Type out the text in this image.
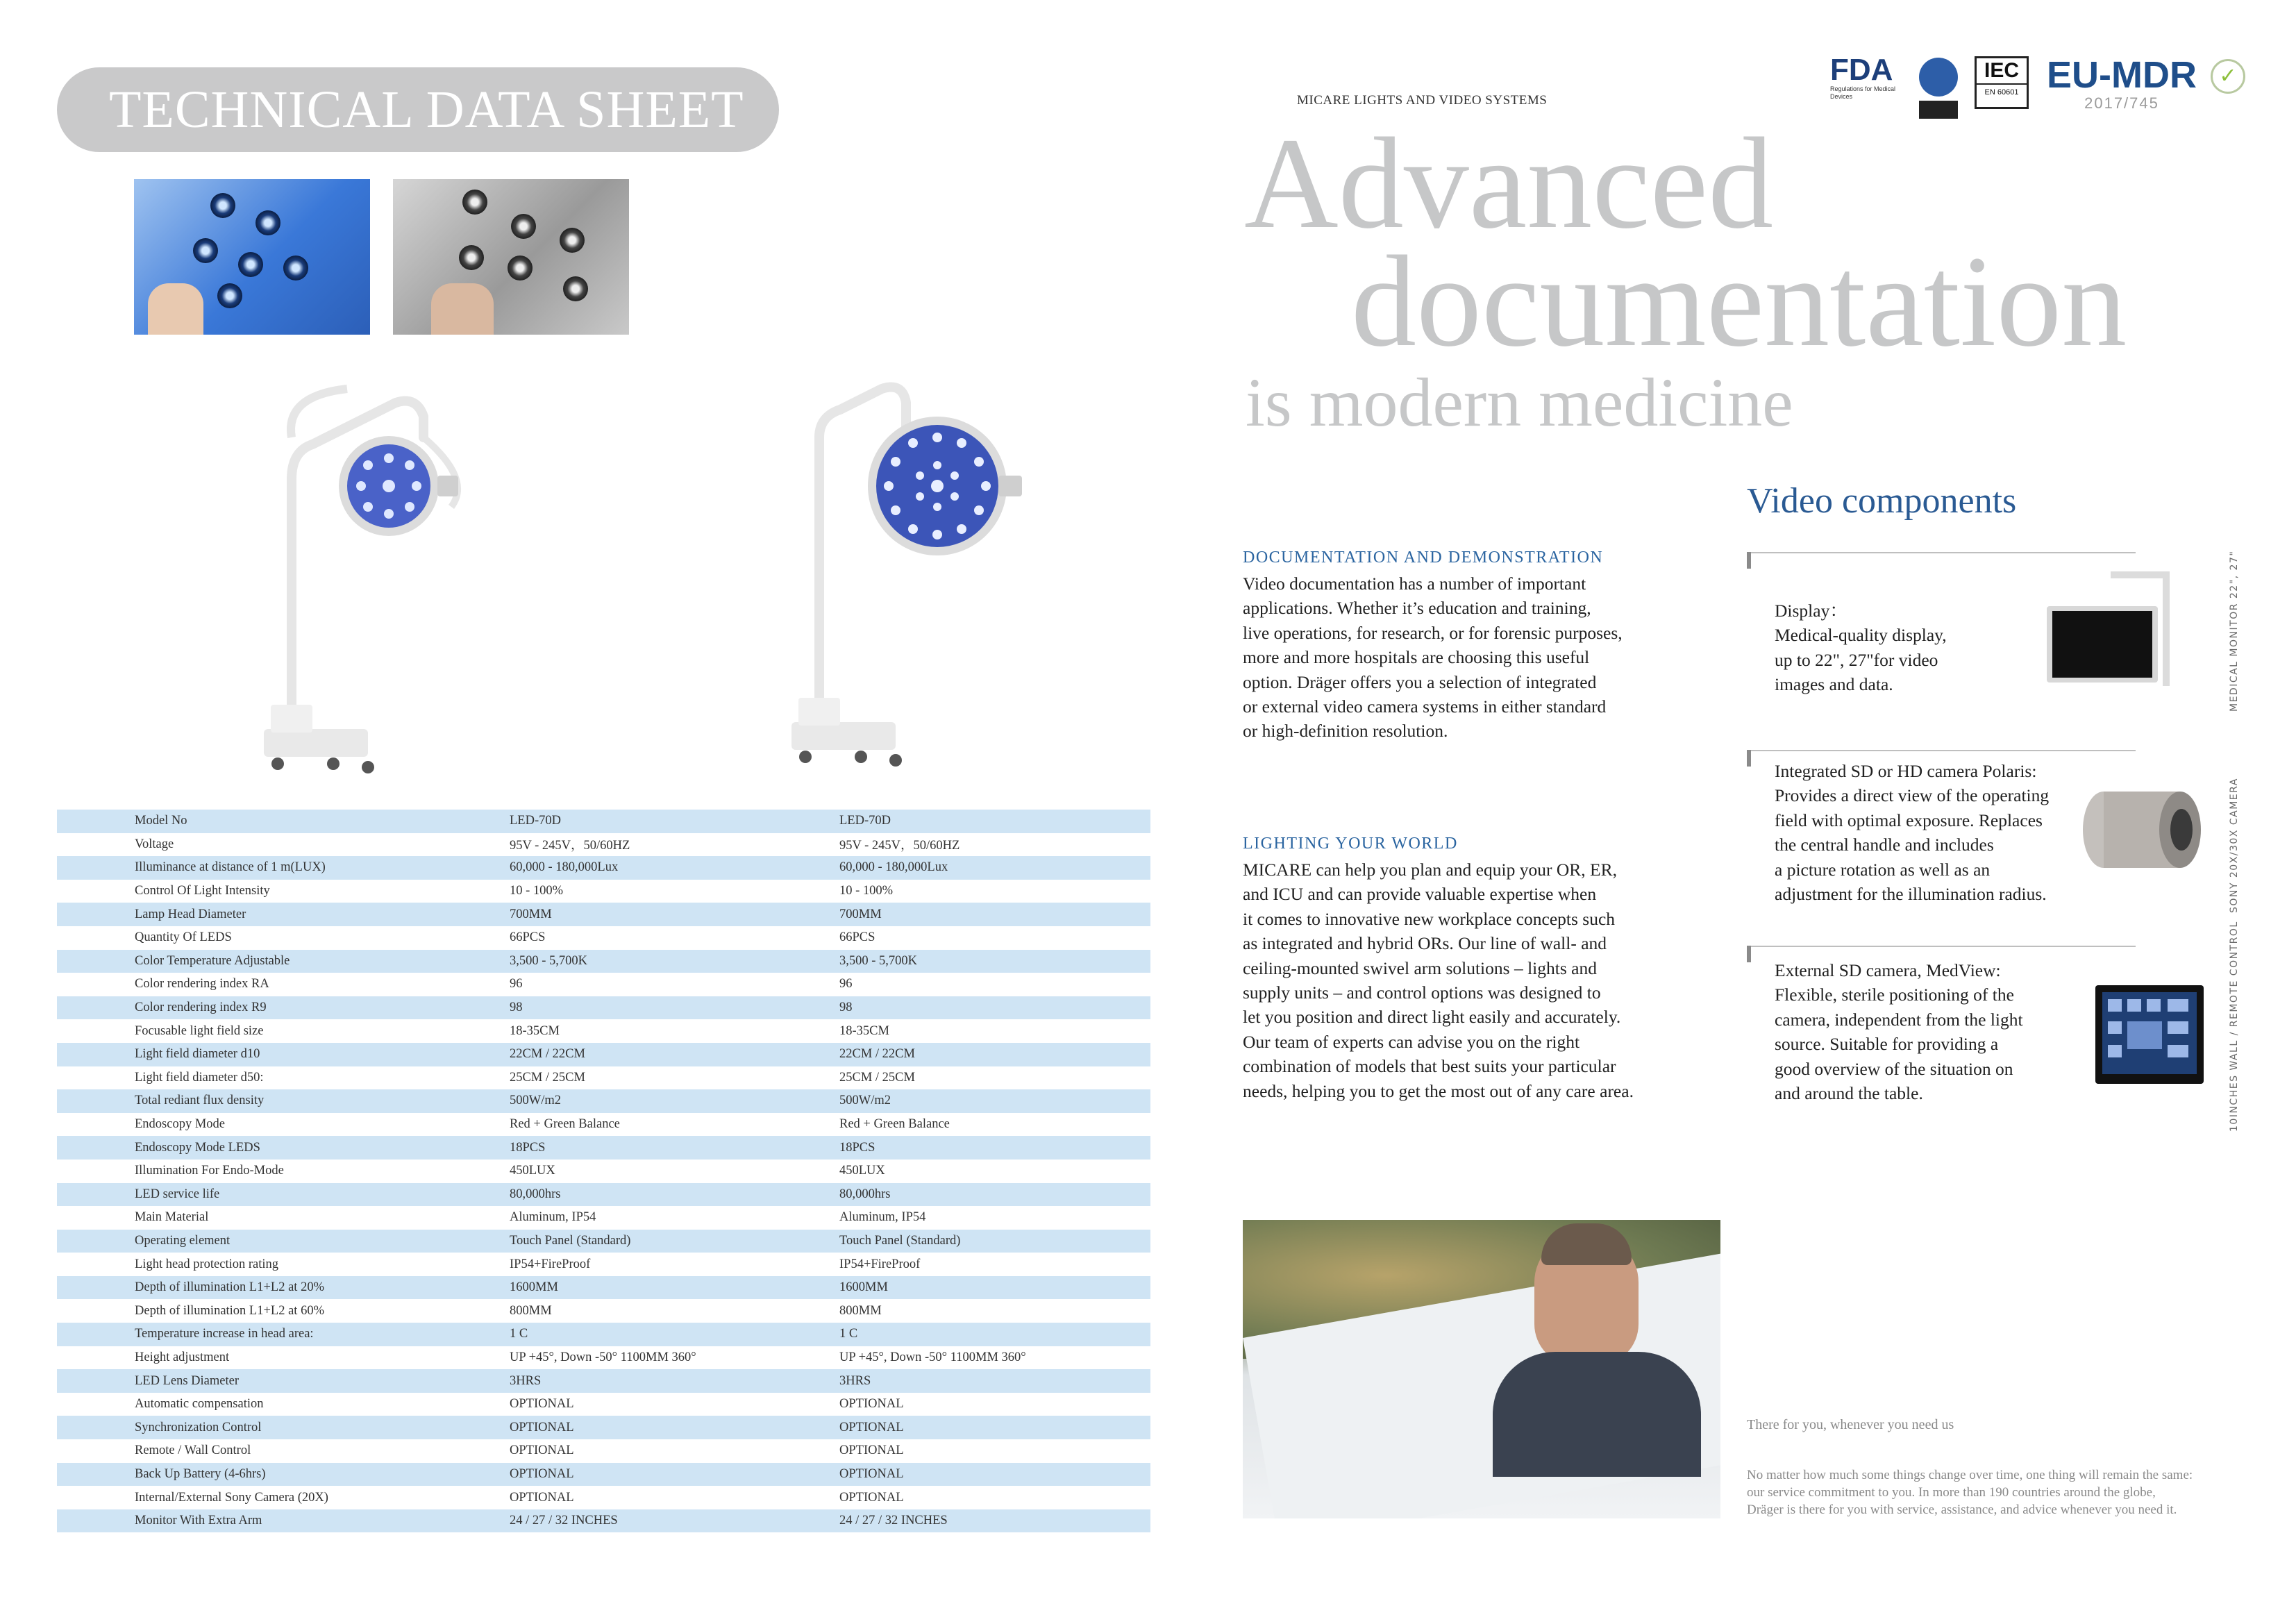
TECHNICAL DATA SHEET
	Model No	LED-70D	LED-70D
	Voltage	95V - 245V，50/60HZ	95V - 245V，50/60HZ
	Illuminance at distance of 1 m(LUX)	60,000 - 180,000Lux	60,000 - 180,000Lux
	Control Of Light Intensity	10 - 100%	10 - 100%
	Lamp Head Diameter	700MM	700MM
	Quantity Of LEDS	66PCS	66PCS
	Color Temperature Adjustable	3,500 - 5,700K	3,500 - 5,700K
	Color rendering index RA	96	96
	Color rendering index R9	98	98
	Focusable light field size	18-35CM	18-35CM
	Light field diameter d10	22CM / 22CM	22CM / 22CM
	Light field diameter d50:	25CM / 25CM	25CM / 25CM
	Total rediant flux density	500W/m2	500W/m2
	Endoscopy Mode	Red + Green Balance	Red + Green Balance
	Endoscopy Mode LEDS	18PCS	18PCS
	Illumination For Endo-Mode	450LUX	450LUX
	LED service life	80,000hrs	80,000hrs
	Main Material	Aluminum, IP54	Aluminum, IP54
	Operating element	Touch Panel (Standard)	Touch Panel (Standard)
	Light head protection rating	IP54+FireProof	IP54+FireProof
	Depth of illumination L1+L2 at 20%	1600MM	1600MM
	Depth of illumination L1+L2 at 60%	800MM	800MM
	Temperature increase in head area:	1 C	1 C
	Height adjustment	UP +45°, Down -50° 1100MM 360°	UP +45°, Down -50° 1100MM 360°
	LED Lens Diameter	3HRS	3HRS
	Automatic compensation	OPTIONAL	OPTIONAL
	Synchronization Control	OPTIONAL	OPTIONAL
	Remote / Wall Control	OPTIONAL	OPTIONAL
	Back Up Battery (4-6hrs)	OPTIONAL	OPTIONAL
	Internal/External Sony Camera (20X)	OPTIONAL	OPTIONAL
	Monitor With Extra Arm	24 / 27 / 32 INCHES	24 / 27 / 32 INCHES
MICARE LIGHTS AND VIDEO SYSTEMS
FDA
Regulations for Medical Devices
IEC
EN 60601 EU-MDR
2017/745
✓
Advanced
documentation
is modern medicine
DOCUMENTATION AND DEMONSTRATION
Video documentation has a number of important
applications. Whether it’s education and training,
live operations, for research, or for forensic purposes,
more and more hospitals are choosing this useful
option. Dräger offers you a selection of integrated
or external video camera systems in either standard
or high-definition resolution.
LIGHTING YOUR WORLD
MICARE can help you plan and equip your OR, ER,
and ICU and can provide valuable expertise when
it comes to innovative new workplace concepts such
as integrated and hybrid ORs. Our line of wall- and
ceiling-mounted swivel arm solutions – lights and
supply units – and control options was designed to
let you position and direct light easily and accurately.
Our team of experts can advise you on the right
combination of models that best suits your particular
needs, helping you to get the most out of any care area.
Video components
Display：
Medical-quality display,
up to 22", 27"for video
images and data.	MEDICAL MONITOR 22", 27"
Integrated SD or HD camera Polaris:
Provides a direct view of the operating
field with optimal exposure. Replaces
the central handle and includes
a picture rotation as well as an
adjustment for the illumination radius.	SONY 20X/30X CAMERA
External SD camera, MedView:
Flexible, sterile positioning of the
camera, independent from the light
source. Suitable for providing a
good overview of the situation on
and around the table.	10INCHES WALL / REMOTE CONTROL
There for you, whenever you need us
No matter how much some things change over time, one thing will remain the same:
our service commitment to you. In more than 190 countries around the globe,
Dräger is there for you with service, assistance, and advice whenever you need it.
